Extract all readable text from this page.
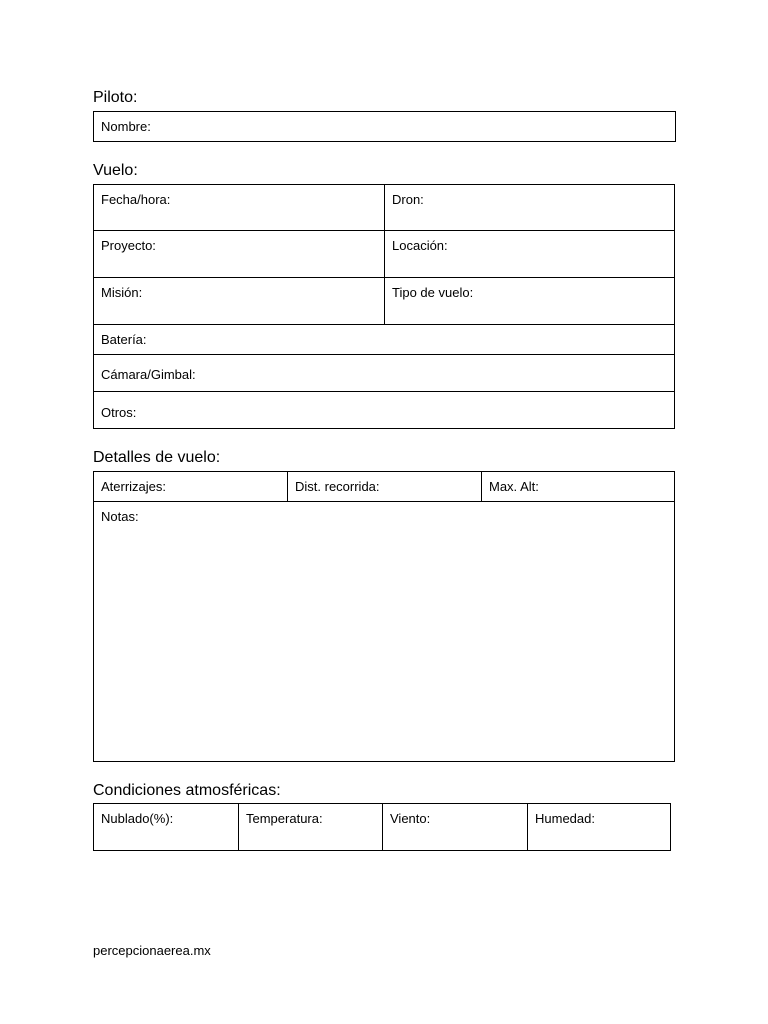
Piloto:
Nombre:
Vuelo:
Fecha/hora:	Dron:
Proyecto:	Locación:
Misión:	Tipo de vuelo:
Batería:
Cámara/Gimbal:
Otros:
Detalles de vuelo:
Aterrizajes:	Dist. recorrida:	Max. Alt:
Notas:
Condiciones atmosféricas:
Nublado(%):	Temperatura:	Viento:	Humedad:
percepcionaerea.mx
